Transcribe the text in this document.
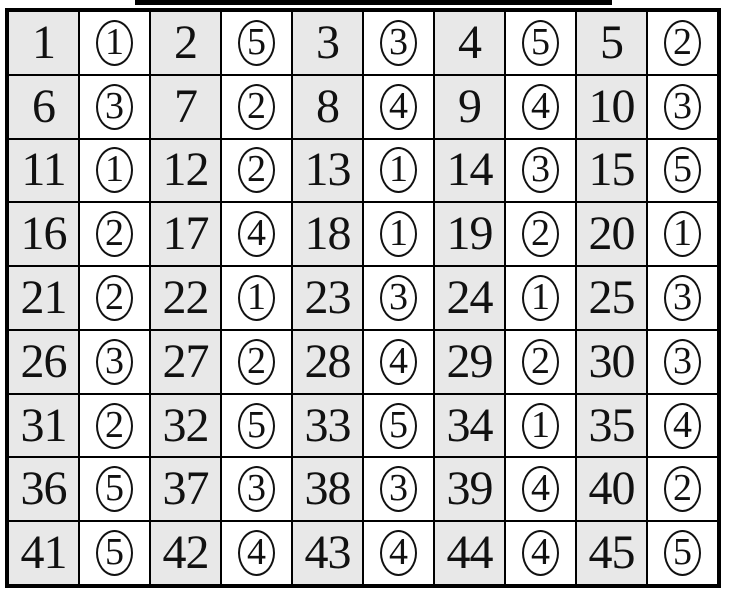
1	1	2	5	3	3	4	5	5	2
6	3	7	2	8	4	9	4 10	3
11	1 12	2 13	1 14	3 15	5
16	2 17	4 18	1 19	2 20	1
21	2 22	1 23	3 24	1 25	3
26	3 27	2 28	4 29	2 30	3
31	2 32	5 33	5 34	1 35	4
36	5 37	3 38	3 39	4 40	2
41	5 42	4 43	4 44	4 45	5
